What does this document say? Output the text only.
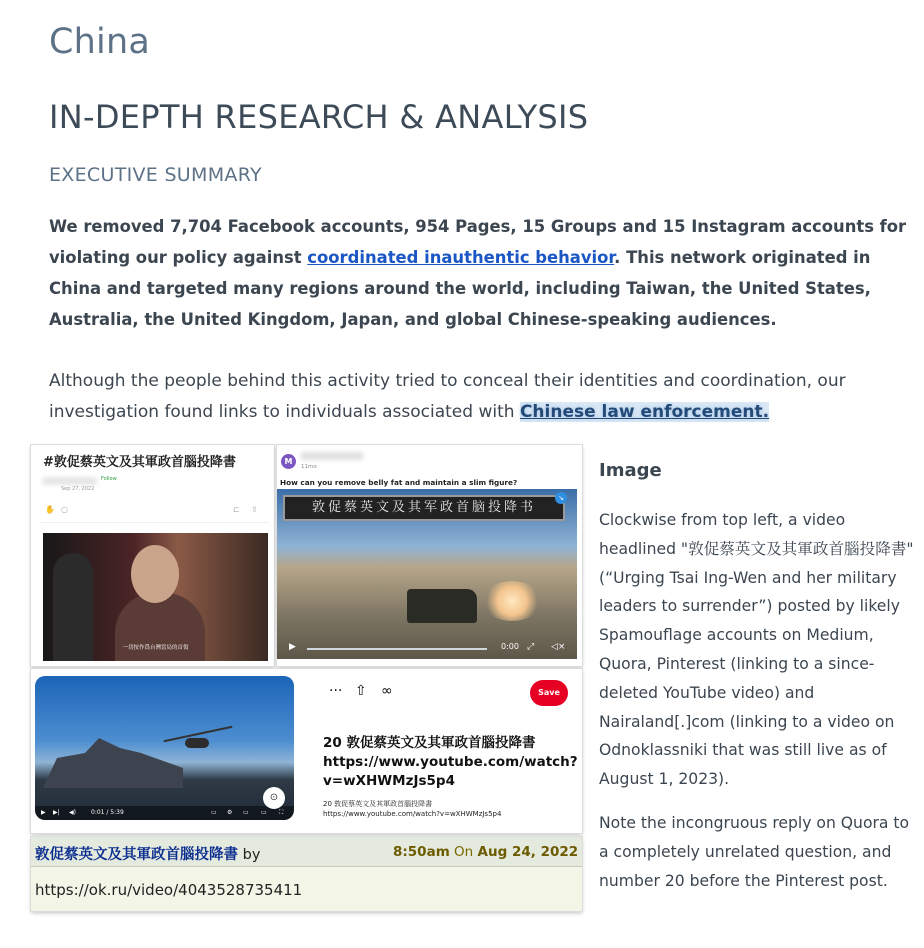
China
IN-DEPTH RESEARCH & ANALYSIS
EXECUTIVE SUMMARY

We removed 7,704 Facebook accounts, 954 Pages, 15 Groups and 15 Instagram accounts for violating our policy against coordinated inauthentic behavior. This network originated in China and targeted many regions around the world, including Taiwan, the United States, Australia, the United Kingdom, Japan, and global Chinese-speaking audiences.

Although the people behind this activity tried to conceal their identities and coordination, our investigation found links to individuals associated with Chinese law enforcement.

#敦促蔡英文及其軍政首腦投降書
Follow
Sep 27, 2022
✋ ○	⊏ ⇪
一切按作爲台灣當局的首領
M
11mo
How can you remove belly fat and maintain a slim figure?
敦促蔡英文及其军政首脑投降书
↘
▶	0:00 ⤢ ◁×
▶ ▶| ◀)	0:01 / 5:39	▭ ⚙ ▭ ▭ ⛶
⊙
··· ⇧ ∞	Save
20 敦促蔡英文及其軍政首腦投降書
https://www.youtube.com/watch?v=wXHWMzJs5p4
20 敦促蔡英文及其軍政首腦投降書
https://www.youtube.com/watch?v=wXHWMzJs5p4
敦促蔡英文及其軍政首腦投降書 by	8:50am On Aug 24, 2022
https://ok.ru/video/4043528735411
Image

Clockwise from top left, a video headlined "敦促蔡英文及其軍政首腦投降書" (“Urging Tsai Ing-Wen and her military leaders to surrender”) posted by likely Spamouflage accounts on Medium, Quora, Pinterest (linking to a since-deleted YouTube video) and Nairaland[.]com (linking to a video on Odnoklassniki that was still live as of August 1, 2023).

Note the incongruous reply on Quora to a completely unrelated question, and number 20 before the Pinterest post.
